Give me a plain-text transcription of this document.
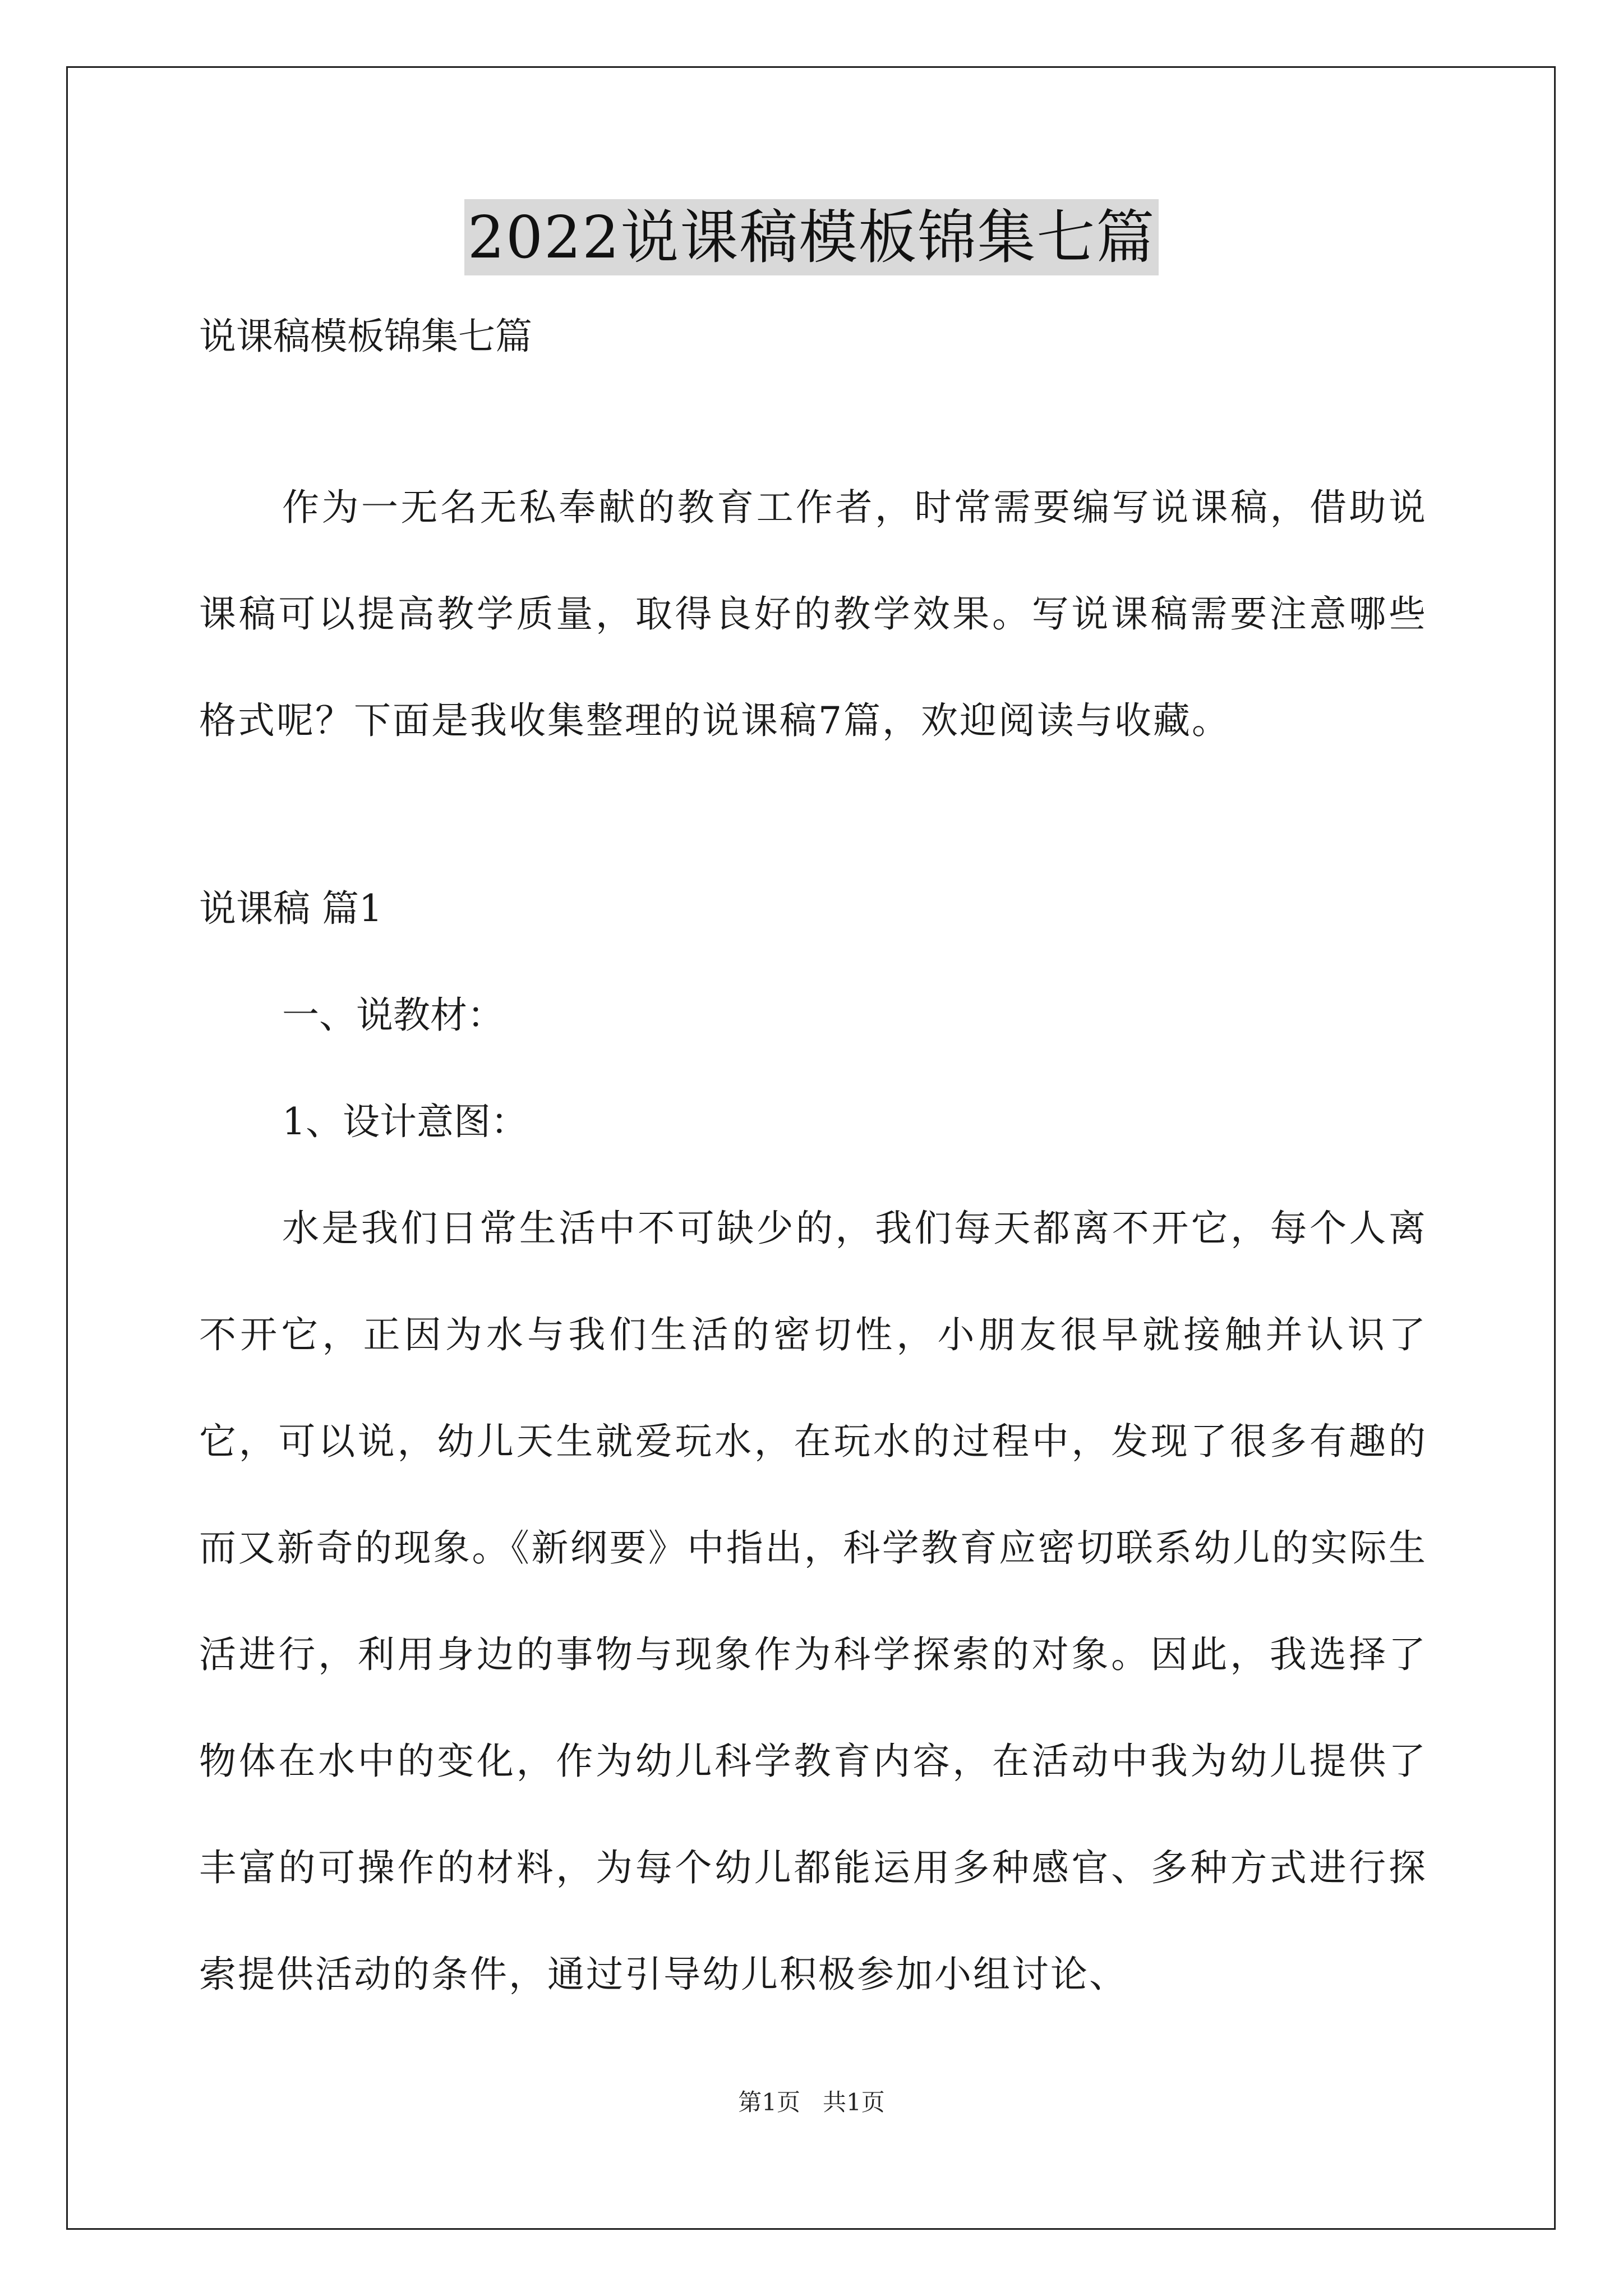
2022说课稿模板锦集七篇

说课稿模板锦集七篇

作为一无名无私奉献的教育工作者，时常需要编写说课稿，借助说课稿可以提高教学质量，取得良好的教学效果。写说课稿需要注意哪些格式呢？下面是我收集整理的说课稿7篇，欢迎阅读与收藏。

说课稿 篇1

一、说教材：

1、设计意图：

水是我们日常生活中不可缺少的，我们每天都离不开它，每个人离不开它，正因为水与我们生活的密切性，小朋友很早就接触并认识了它，可以说，幼儿天生就爱玩水，在玩水的过程中，发现了很多有趣的而又新奇的现象。《新纲要》中指出，科学教育应密切联系幼儿的实际生活进行，利用身边的事物与现象作为科学探索的对象。因此，我选择了物体在水中的变化，作为幼儿科学教育内容，在活动中我为幼儿提供了丰富的可操作的材料，为每个幼儿都能运用多种感官、多种方式进行探索提供活动的条件，通过引导幼儿积极参加小组讨论、

第1页 共1页
